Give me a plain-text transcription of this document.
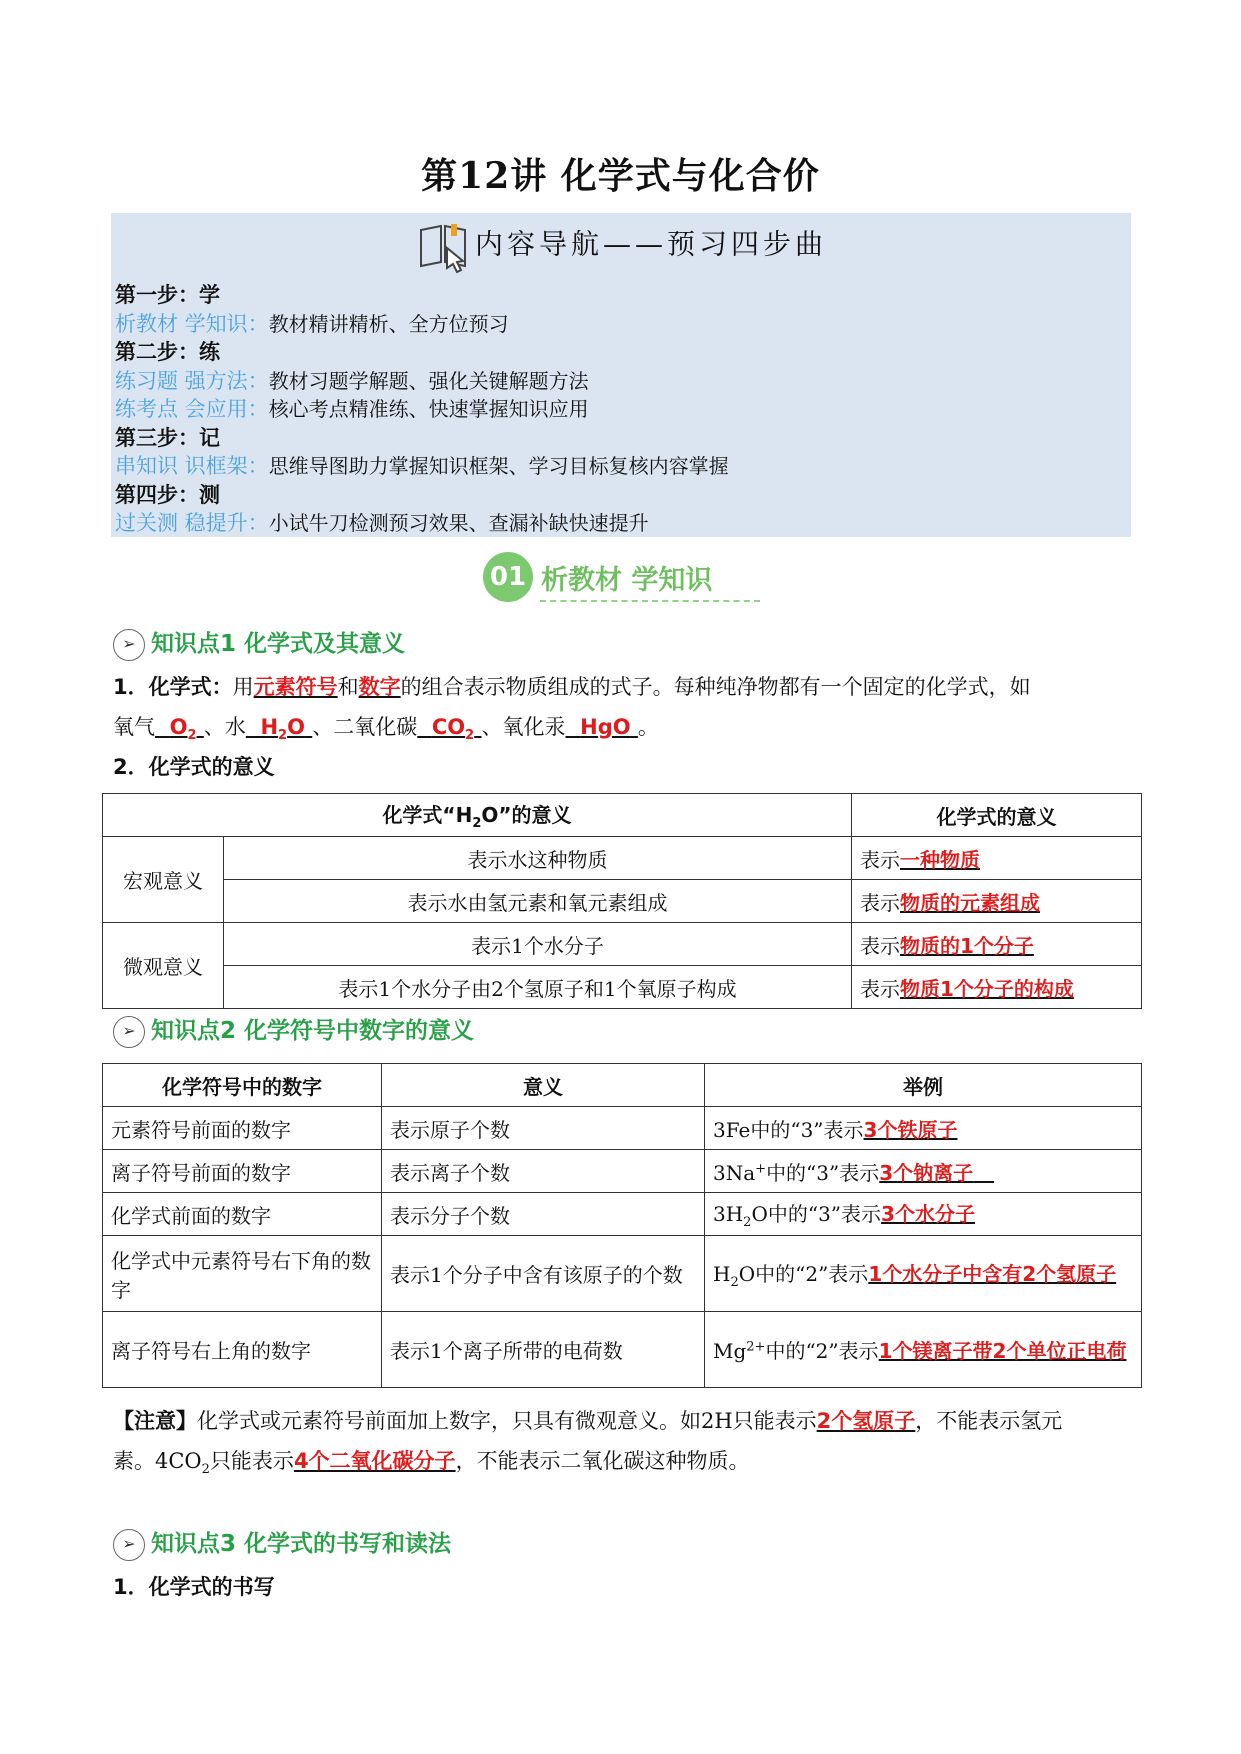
第12讲 化学式与化合价
内容导航——预习四步曲
第一步：学
析教材 学知识：教材精讲精析、全方位预习
第二步：练
练习题 强方法：教材习题学解题、强化关键解题方法
练考点 会应用：核心考点精准练、快速掌握知识应用
第三步：记
串知识 识框架：思维导图助力掌握知识框架、学习目标复核内容掌握
第四步：测
过关测 稳提升：小试牛刀检测预习效果、查漏补缺快速提升
01 析教材 学知识
➢ 知识点1 化学式及其意义
1．化学式：用元素符号和数字的组合表示物质组成的式子。每种纯净物都有一个固定的化学式，如
氧气 $O_2$ 、水 $H_2O$ 、二氧化碳 $CO_2$ 、氧化汞 HgO 。
2．化学式的意义
化学式“$H_2O$”的意义		化学式的意义
宏观意义	表示水这种物质	表示一种物质
	表示水由氢元素和氧元素组成	表示物质的元素组成
微观意义	表示1个水分子	表示物质的1个分子
	表示1个水分子由2个氢原子和1个氧原子构成	表示物质1个分子的构成
➢ 知识点2 化学符号中数字的意义
化学符号中的数字	意义	举例
元素符号前面的数字	表示原子个数	3Fe中的“3”表示3个铁原子
离子符号前面的数字	表示离子个数	3Na+中的“3”表示3个钠离子
化学式前面的数字	表示分子个数	$3H_2O$中的“3”表示3个水分子
化学式中元素符号右下角的数字	表示1个分子中含有该原子的个数	$H_2O$中的“2”表示1个水分子中含有2个氢原子
离子符号右上角的数字	表示1个离子所带的电荷数	$Mg^{2+}$中的“2”表示1个镁离子带2个单位正电荷
【注意】化学式或元素符号前面加上数字，只具有微观意义。如2H只能表示2个氢原子，不能表示氢元
素。$4CO_2$只能表示4个二氧化碳分子，不能表示二氧化碳这种物质。
➢ 知识点3 化学式的书写和读法
1．化学式的书写
